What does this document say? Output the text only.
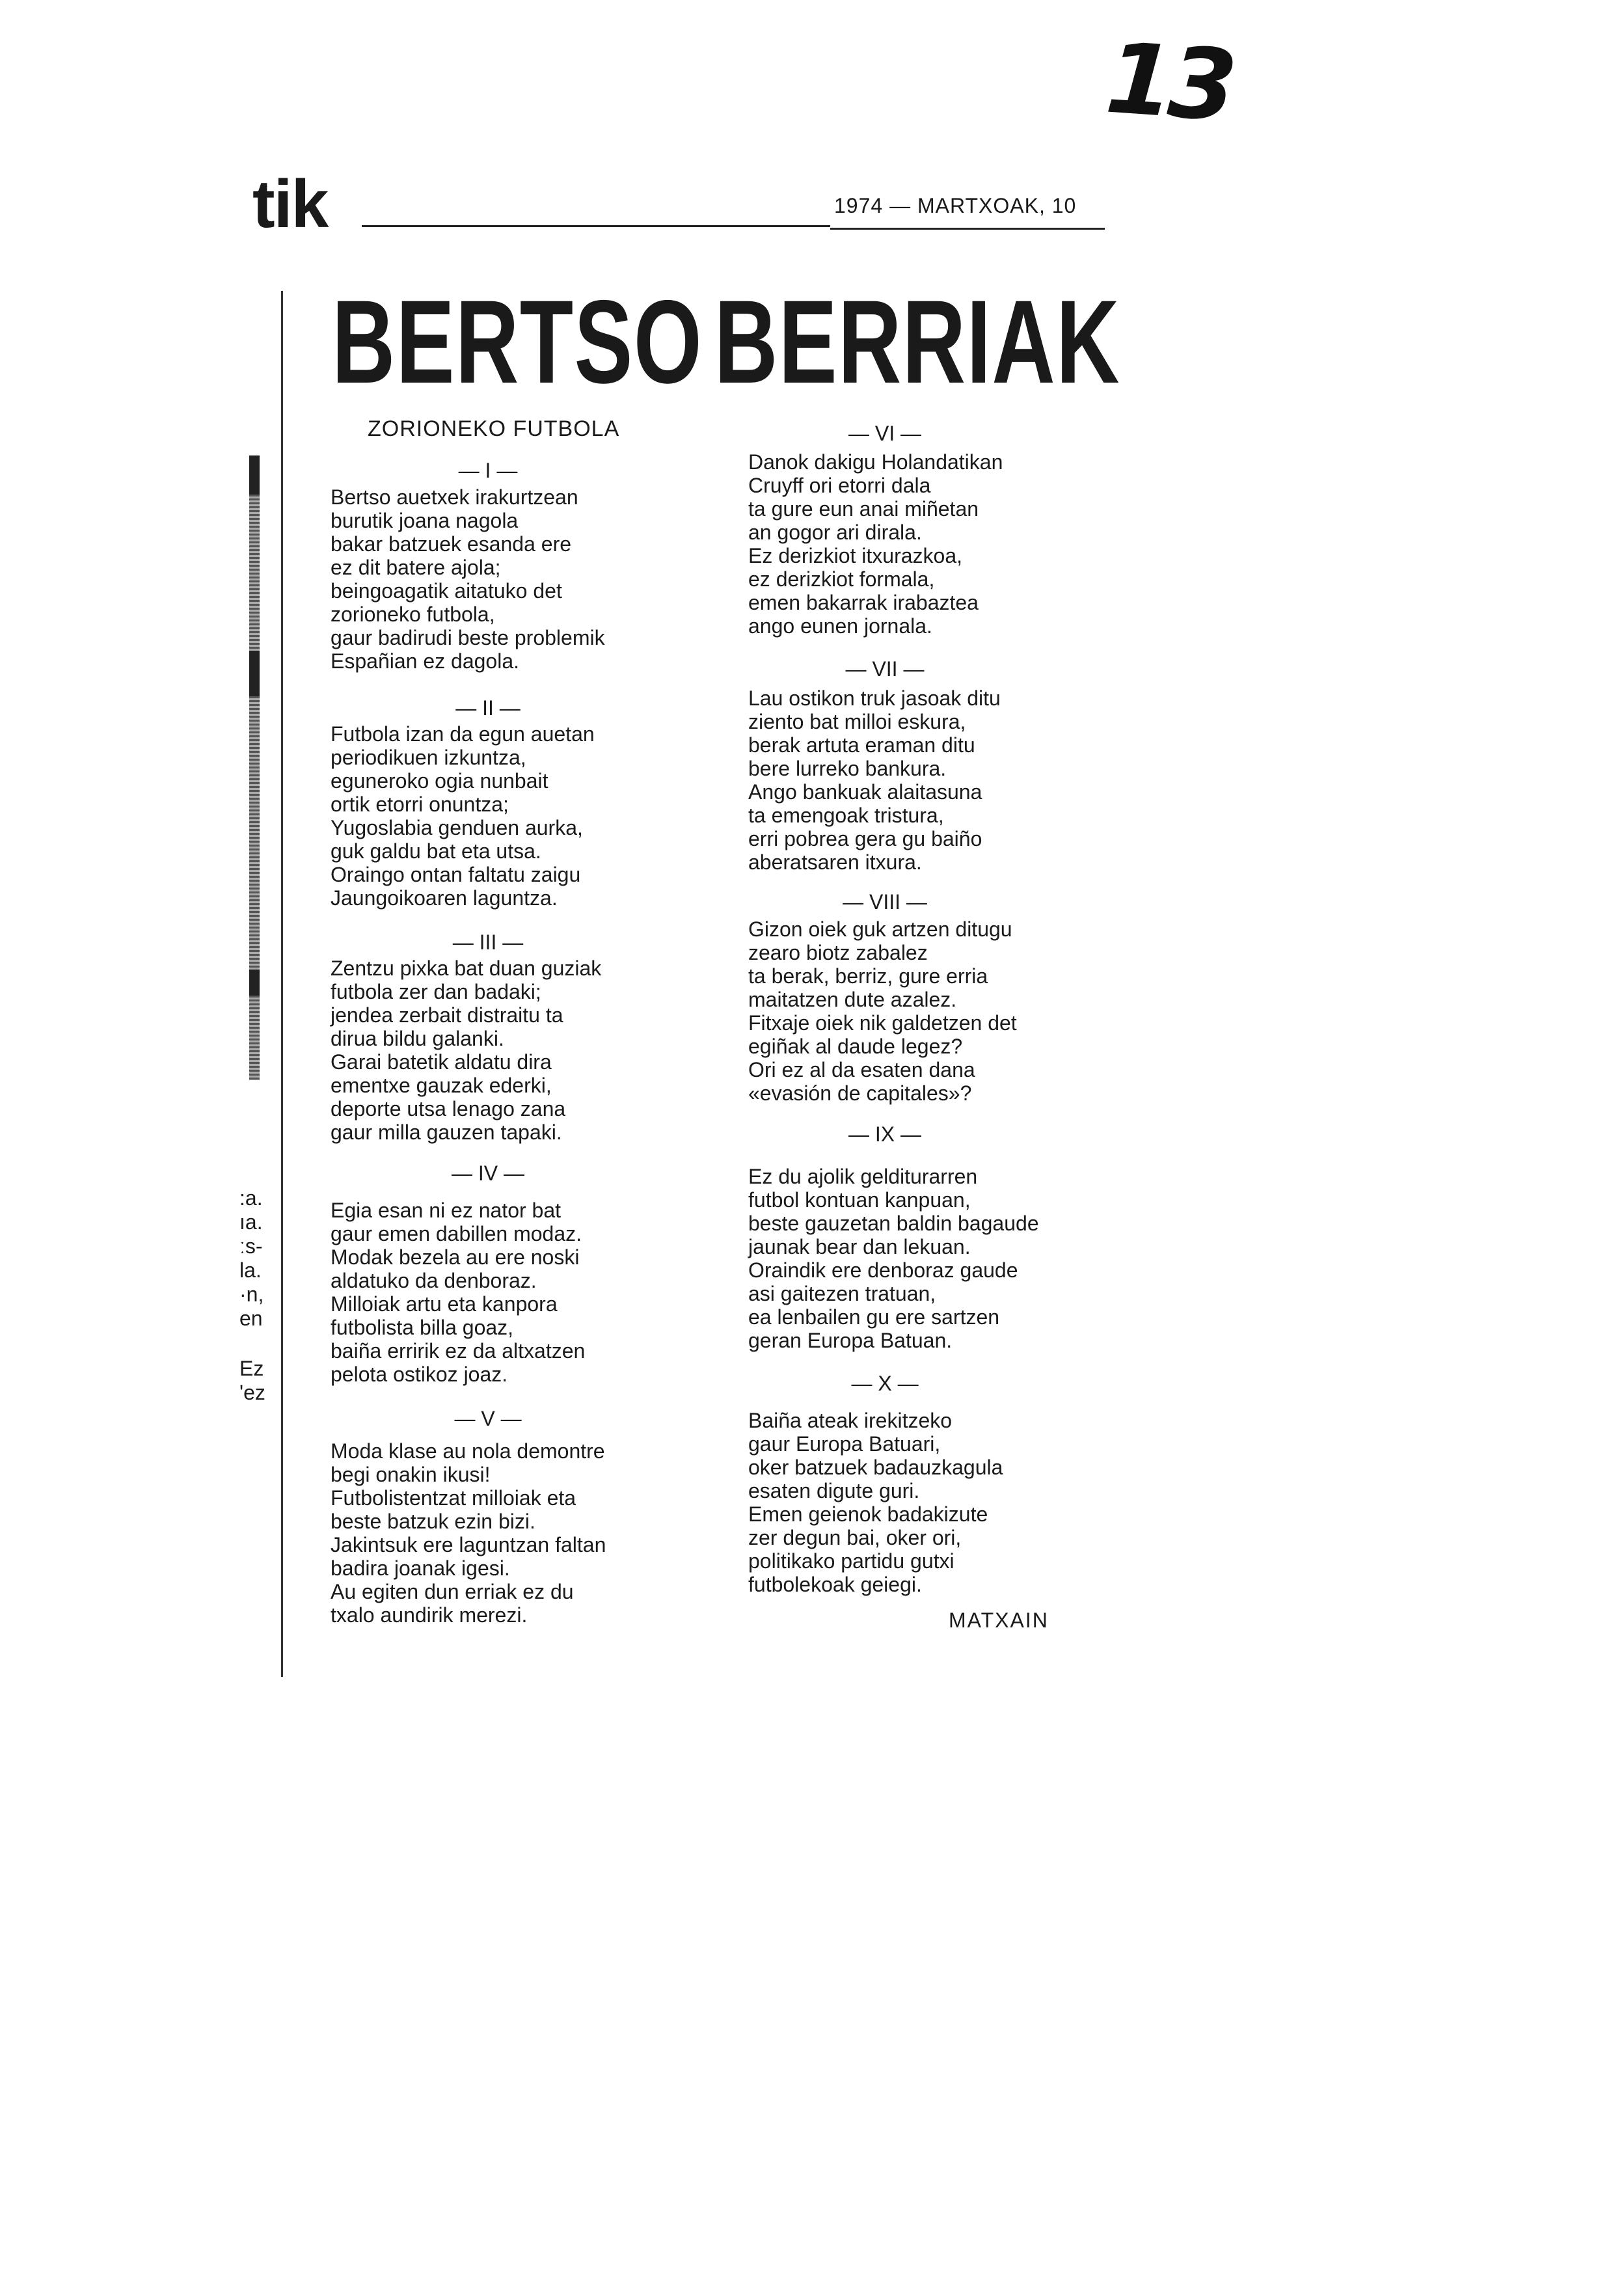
13
tik	1974 — MARTXOAK, 10
:a.
ıa.
ːs-
la.
·n,
en
Ez
'ez
BERTSO BERRIAK
ZORIONEKO FUTBOLA
— I —
Bertso auetxek irakurtzean
burutik joana nagola
bakar batzuek esanda ere
ez dit batere ajola;
beingoagatik aitatuko det
zorioneko futbola,
gaur badirudi beste problemik
Españian ez dagola.
— II —
Futbola izan da egun auetan
periodikuen izkuntza,
eguneroko ogia nunbait
ortik etorri onuntza;
Yugoslabia genduen aurka,
guk galdu bat eta utsa.
Oraingo ontan faltatu zaigu
Jaungoikoaren laguntza.
— III —
Zentzu pixka bat duan guziak
futbola zer dan badaki;
jendea zerbait distraitu ta
dirua bildu galanki.
Garai batetik aldatu dira
ementxe gauzak ederki,
deporte utsa lenago zana
gaur milla gauzen tapaki.
— IV —
Egia esan ni ez nator bat
gaur emen dabillen modaz.
Modak bezela au ere noski
aldatuko da denboraz.
Milloiak artu eta kanpora
futbolista billa goaz,
baiña erririk ez da altxatzen
pelota ostikoz joaz.
— V —
Moda klase au nola demontre
begi onakin ikusi!
Futbolistentzat milloiak eta
beste batzuk ezin bizi.
Jakintsuk ere laguntzan faltan
badira joanak igesi.
Au egiten dun erriak ez du
txalo aundirik merezi.
— VI —
Danok dakigu Holandatikan
Cruyff ori etorri dala
ta gure eun anai miñetan
an gogor ari dirala.
Ez derizkiot itxurazkoa,
ez derizkiot formala,
emen bakarrak irabaztea
ango eunen jornala.
— VII —
Lau ostikon truk jasoak ditu
ziento bat milloi eskura,
berak artuta eraman ditu
bere lurreko bankura.
Ango bankuak alaitasuna
ta emengoak tristura,
erri pobrea gera gu baiño
aberatsaren itxura.
— VIII —
Gizon oiek guk artzen ditugu
zearo biotz zabalez
ta berak, berriz, gure erria
maitatzen dute azalez.
Fitxaje oiek nik galdetzen det
egiñak al daude legez?
Ori ez al da esaten dana
«evasión de capitales»?
— IX —
Ez du ajolik gelditurarren
futbol kontuan kanpuan,
beste gauzetan baldin bagaude
jaunak bear dan lekuan.
Oraindik ere denboraz gaude
asi gaitezen tratuan,
ea lenbailen gu ere sartzen
geran Europa Batuan.
— X —
Baiña ateak irekitzeko
gaur Europa Batuari,
oker batzuek badauzkagula
esaten digute guri.
Emen geienok badakizute
zer degun bai, oker ori,
politikako partidu gutxi
futbolekoak geiegi.
MATXAIN
